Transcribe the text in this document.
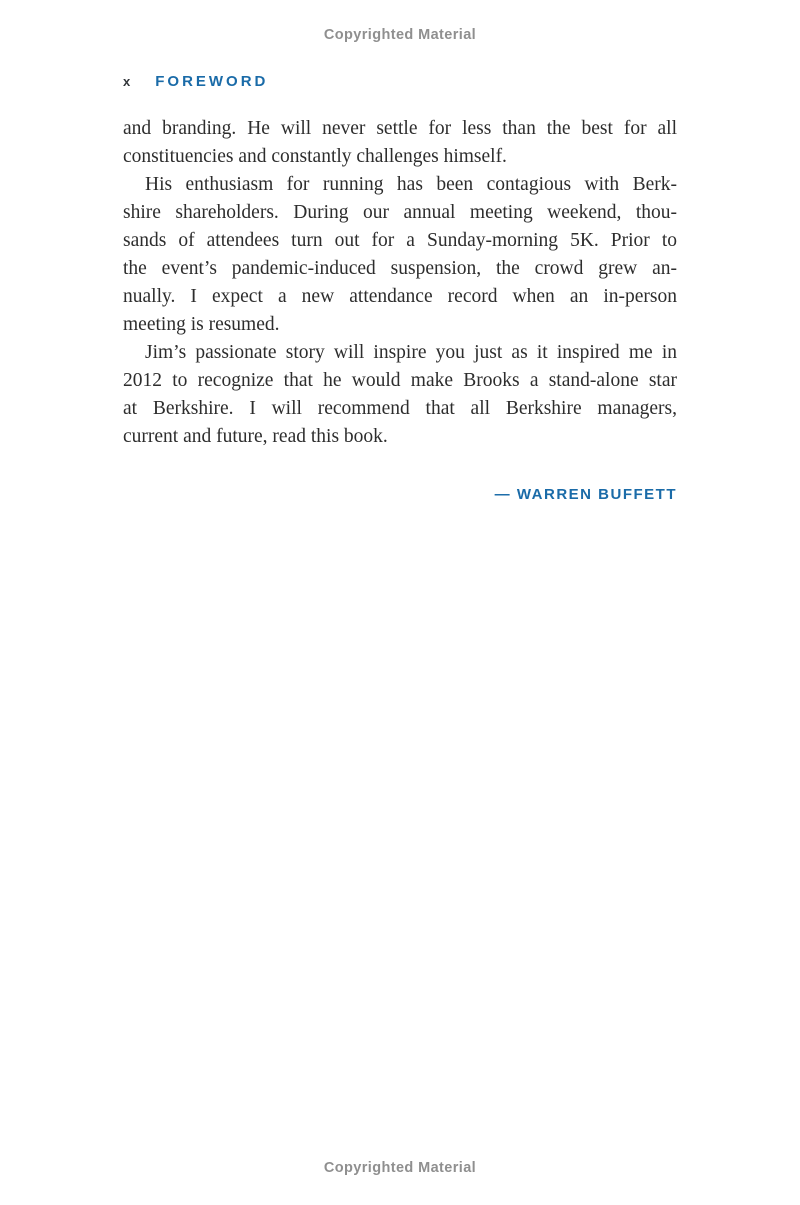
Copyrighted Material
x FOREWORD
and branding. He will never settle for less than the best for all
constituencies and constantly challenges himself.
His enthusiasm for running has been contagious with Berk-
shire shareholders. During our annual meeting weekend, thou-
sands of attendees turn out for a Sunday-morning 5K. Prior to
the event’s pandemic-induced suspension, the crowd grew an-
nually. I expect a new attendance record when an in-person
meeting is resumed.
Jim’s passionate story will inspire you just as it inspired me in
2012 to recognize that he would make Brooks a stand-alone star
at Berkshire. I will recommend that all Berkshire managers,
current and future, read this book.
— WARREN BUFFETT
Copyrighted Material
